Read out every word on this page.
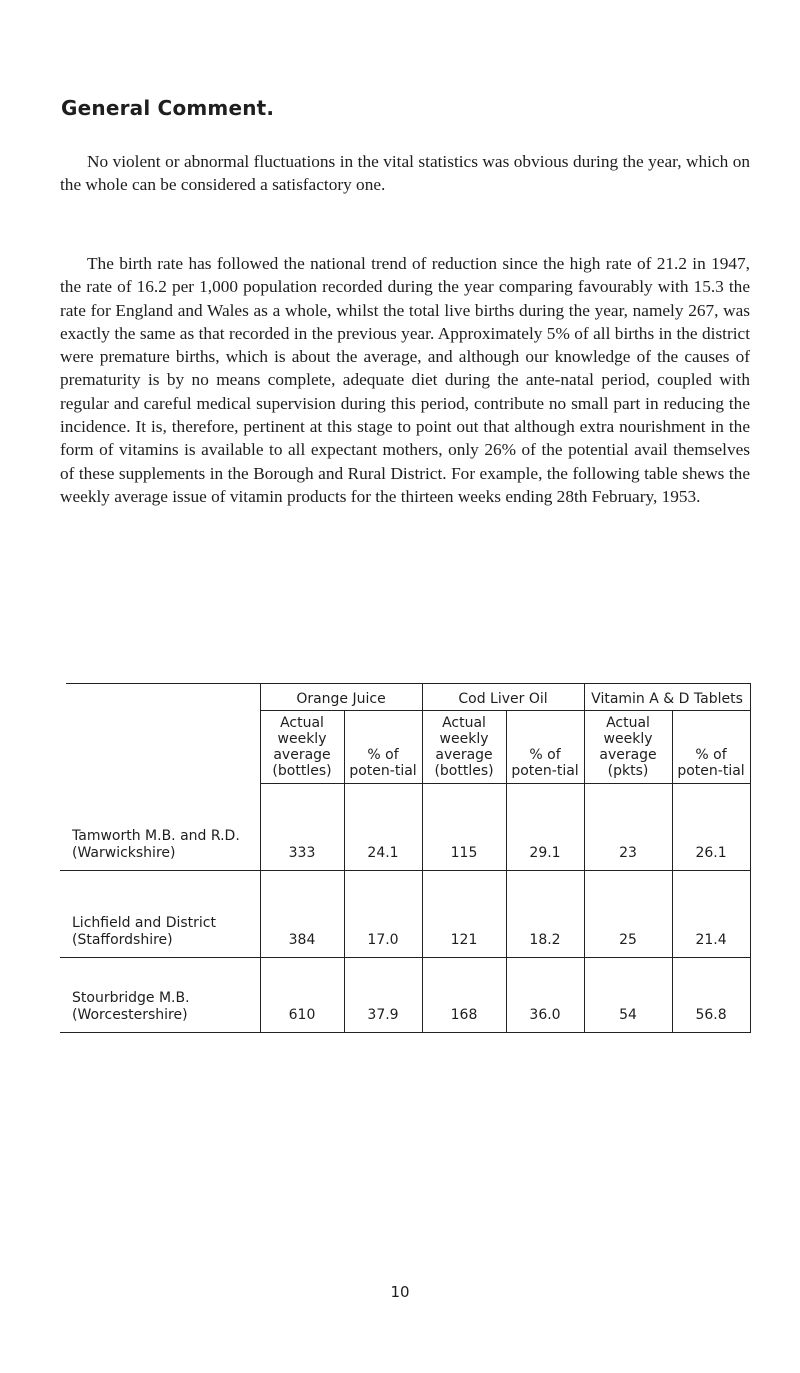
General Comment.

No violent or abnormal fluctuations in the vital statistics was obvious during the year, which on the whole can be considered a satisfactory one.

The birth rate has followed the national trend of reduction since the high rate of 21.2 in 1947, the rate of 16.2 per 1,000 population recorded during the year comparing favourably with 15.3 the rate for England and Wales as a whole, whilst the total live births during the year, namely 267, was exactly the same as that recorded in the previous year. Approximately 5% of all births in the district were premature births, which is about the average, and although our knowledge of the causes of prematurity is by no means complete, adequate diet during the ante-natal period, coupled with regular and careful medical supervision during this period, contribute no small part in reducing the incidence. It is, therefore, pertinent at this stage to point out that although extra nourishment in the form of vitamins is available to all expectant mothers, only 26% of the potential avail themselves of these supplements in the Borough and Rural District. For example, the following table shews the weekly average issue of vitamin products for the thirteen weeks ending 28th February, 1953.

	Orange Juice		Cod Liver Oil		Vitamin A & D Tablets	
	Actual weekly average (bottles)	% of poten-tial	Actual weekly average (bottles)	% of poten-tial	Actual weekly average (pkts)	% of poten-tial
Tamworth M.B. and R.D. (Warwickshire)	333	24.1	115	29.1	23	26.1
Lichfield and District (Staffordshire)	384	17.0	121	18.2	25	21.4
Stourbridge M.B. (Worcestershire)	610	37.9	168	36.0	54	56.8
10
